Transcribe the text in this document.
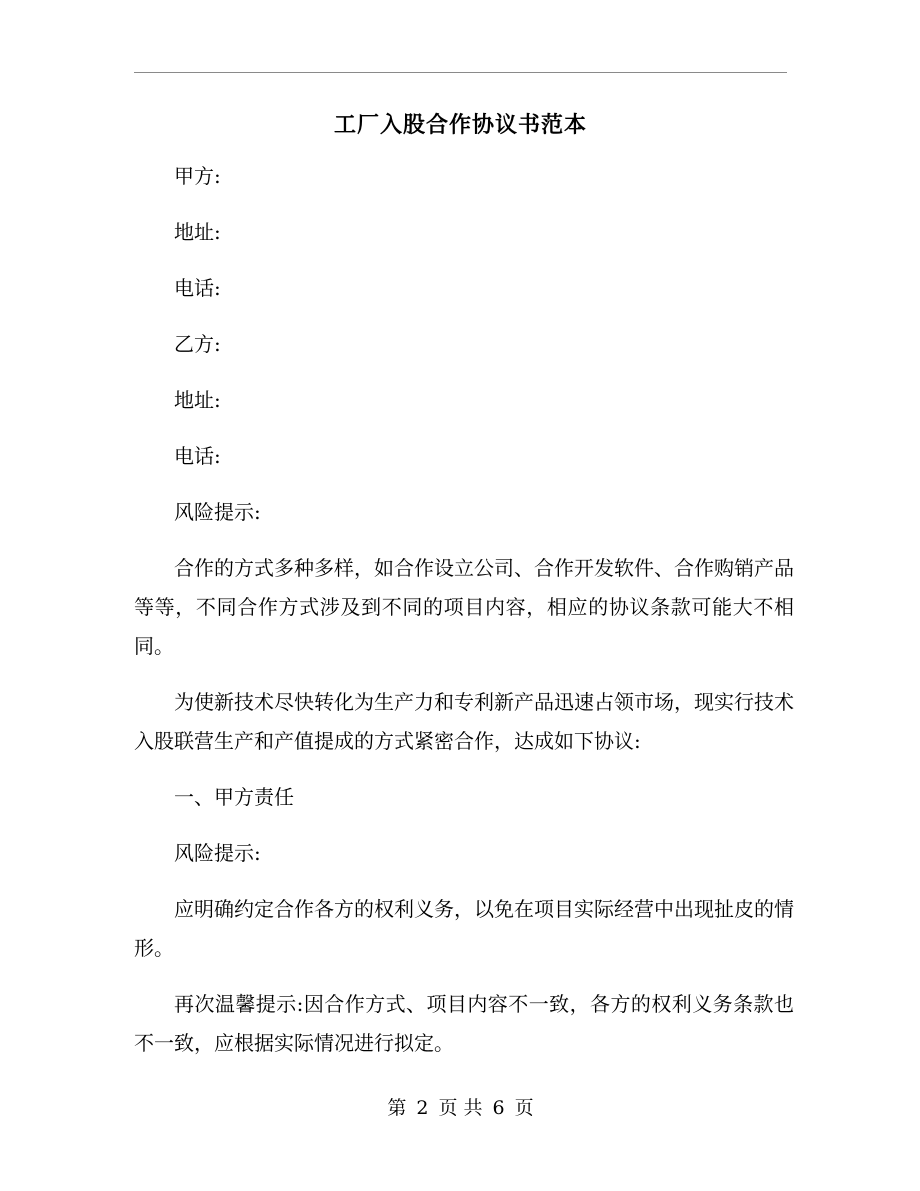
工厂入股合作协议书范本

甲方:

地址:

电话:

乙方:

地址:

电话:

风险提示:

合作的方式多种多样，如合作设立公司、合作开发软件、合作购销产品等等，不同合作方式涉及到不同的项目内容，相应的协议条款可能大不相同。

为使新技术尽快转化为生产力和专利新产品迅速占领市场，现实行技术入股联营生产和产值提成的方式紧密合作，达成如下协议:

一、甲方责任

风险提示:

应明确约定合作各方的权利义务，以免在项目实际经营中出现扯皮的情形。

再次温馨提示:因合作方式、项目内容不一致，各方的权利义务条款也不一致，应根据实际情况进行拟定。

第 2 页 共 6 页
